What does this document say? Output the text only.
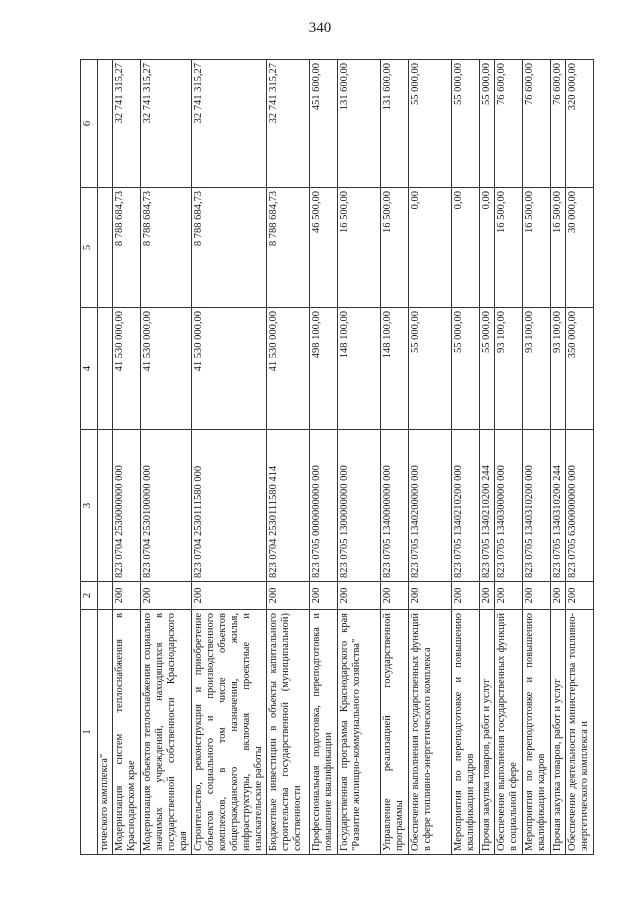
340
1	2	3	4	5	6
тического комплекса"					
Модернизация систем теплоснабжения в Краснодарском крае	200	823 0704 2530000000 000	41 530 000,00	8 788 684,73	32 741 315,27
Модернизация объектов теплоснабжения социально значимых учреждений, находящихся в государственной собственности Краснодарского края	200	823 0704 2530100000 000	41 530 000,00	8 788 684,73	32 741 315,27
Строительство, реконструкция и приобретение объектов социального и производственного комплексов, в том числе объектов общегражданского назначения, жилья, инфраструктуры, включая проектные и изыскательские работы	200	823 0704 2530111580 000	41 530 000,00	8 788 684,73	32 741 315,27
Бюджетные инвестиции в объекты капитального строительства государственной (муниципальной) собственности	200	823 0704 2530111580 414	41 530 000,00	8 788 684,73	32 741 315,27
Профессиональная подготовка, переподготовка и повышение квалификации	200	823 0705 0000000000 000	498 100,00	46 500,00	451 600,00
Государственная программа Краснодарского края "Развитие жилищно-коммунального хозяйства"	200	823 0705 1300000000 000	148 100,00	16 500,00	131 600,00
Управление реализацией государственной программы	200	823 0705 1340000000 000	148 100,00	16 500,00	131 600,00
Обеспечение выполнения государственных функций в сфере топливно-энергетического комплекса	200	823 0705 1340200000 000	55 000,00	0,00	55 000,00
Мероприятия по переподготовке и повышению квалификации кадров	200	823 0705 1340210200 000	55 000,00	0,00	55 000,00
Прочая закупка товаров, работ и услуг	200	823 0705 1340210200 244	55 000,00	0,00	55 000,00
Обеспечение выполнения государственных функций в социальной сфере	200	823 0705 1340300000 000	93 100,00	16 500,00	76 600,00
Мероприятия по переподготовке и повышению квалификации кадров	200	823 0705 1340310200 000	93 100,00	16 500,00	76 600,00
Прочая закупка товаров, работ и услуг	200	823 0705 1340310200 244	93 100,00	16 500,00	76 600,00
Обеспечение деятельности министерства топливно-энергетического комплекса и	200	823 0705 6300000000 000	350 000,00	30 000,00	320 000,00
